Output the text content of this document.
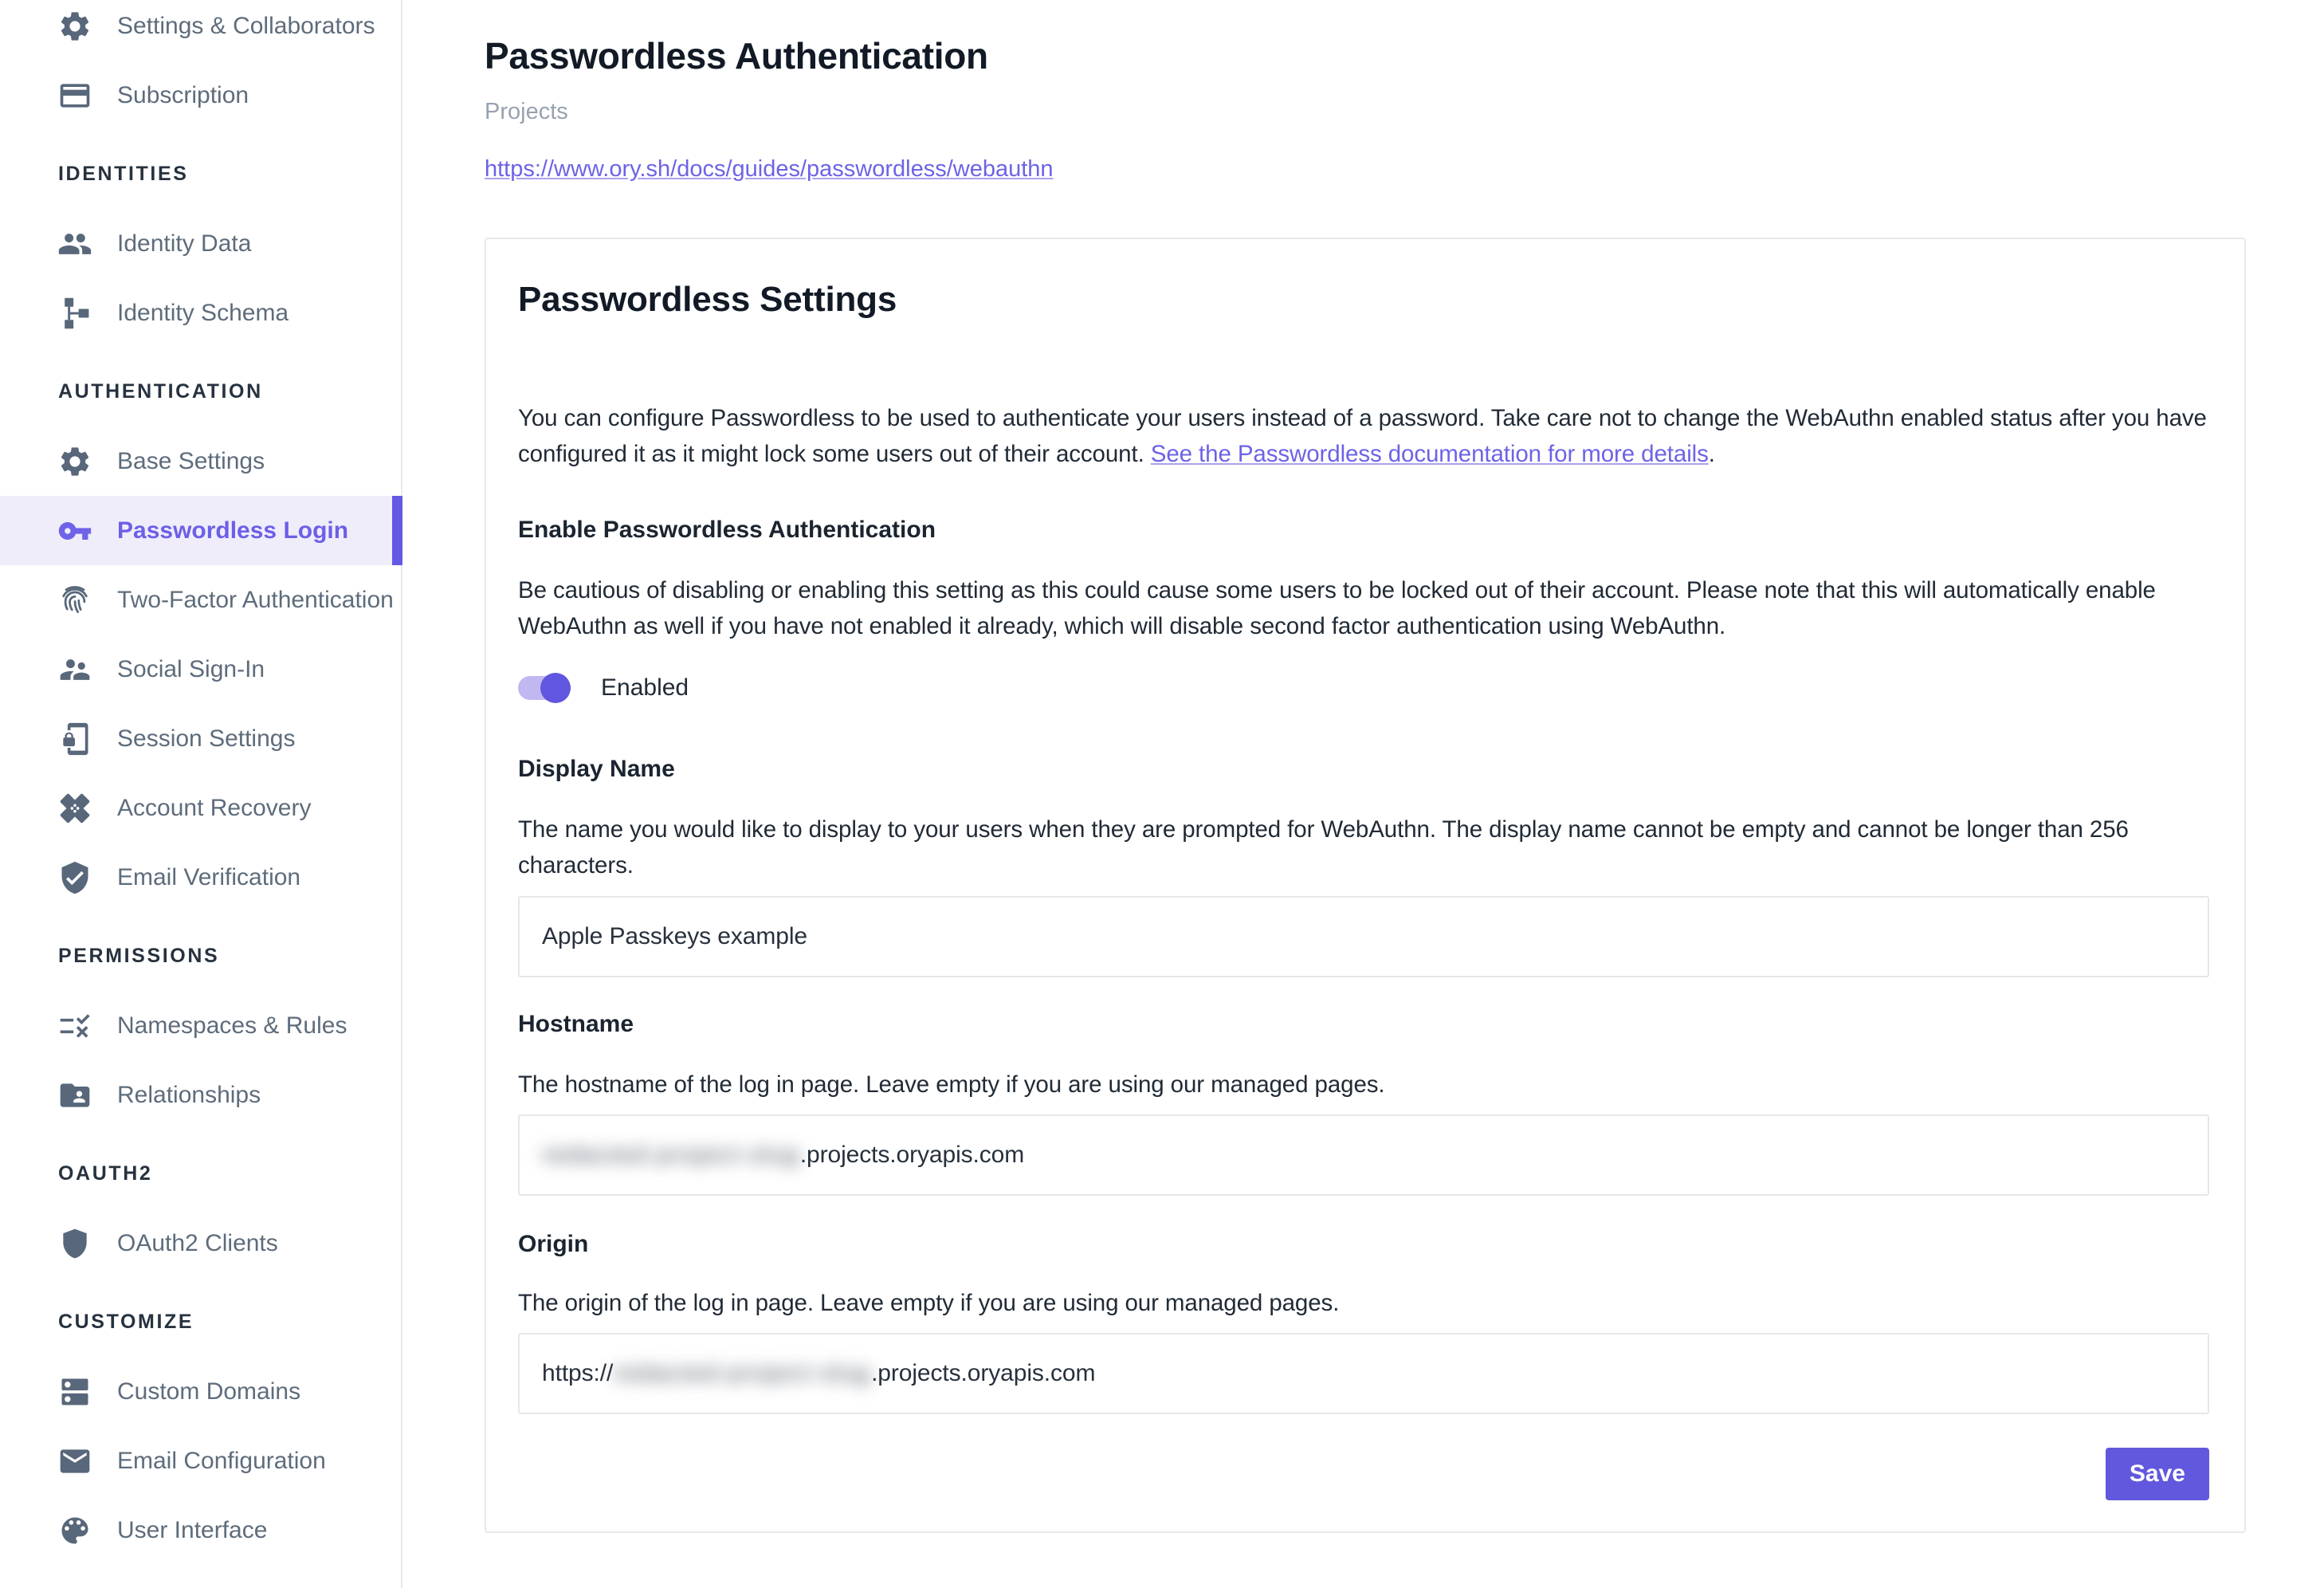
Settings & Collaborators
Subscription
IDENTITIES
Identity Data
Identity Schema
AUTHENTICATION
Base Settings
Passwordless Login
Two-Factor Authentication
Social Sign-In
Session Settings
Account Recovery
Email Verification
PERMISSIONS
Namespaces & Rules
Relationships
OAUTH2
OAuth2 Clients
CUSTOMIZE
Custom Domains
Email Configuration
User Interface
Passwordless Authentication
Projects
https://www.ory.sh/docs/guides/passwordless/webauthn
Passwordless Settings

You can configure Passwordless to be used to authenticate your users instead of a password. Take care not to change the WebAuthn enabled status after you have configured it as it might lock some users out of their account. See the Passwordless documentation for more details.

Enable Passwordless Authentication

Be cautious of disabling or enabling this setting as this could cause some users to be locked out of their account. Please note that this will automatically enable WebAuthn as well if you have not enabled it already, which will disable second factor authentication using WebAuthn.

Enabled

Display Name

The name you would like to display to your users when they are prompted for WebAuthn. The display name cannot be empty and cannot be longer than 256 characters.

Apple Passkeys example

Hostname

The hostname of the log in page. Leave empty if you are using our managed pages.

redacted-project-slug .projects.oryapis.com

Origin

The origin of the log in page. Leave empty if you are using our managed pages.

https:// redacted-project-slug .projects.oryapis.com
Save
